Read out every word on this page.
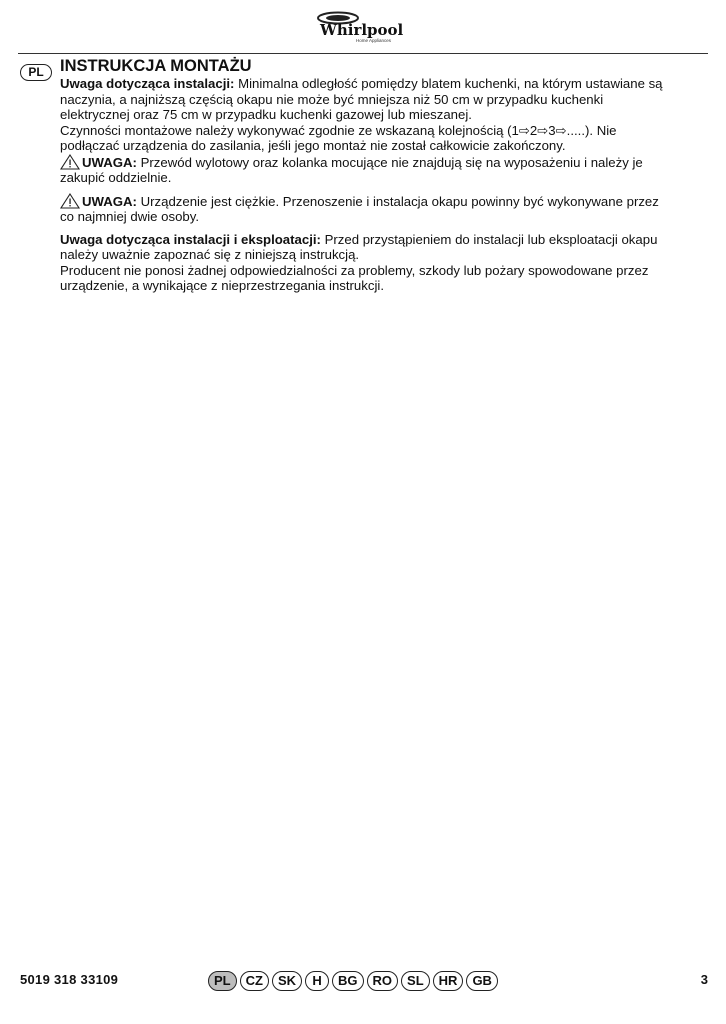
Whirlpool
Home Appliances
PL INSTRUKCJA MONTAŻU

Uwaga dotycząca instalacji: Minimalna odległość pomiędzy blatem kuchenki, na którym ustawiane są naczynia, a najniższą częścią okapu nie może być mniejsza niż 50 cm w przypadku kuchenki elektrycznej oraz 75 cm w przypadku kuchenki gazowej lub mieszanej.

Czynności montażowe należy wykonywać zgodnie ze wskazaną kolejnością (1⇨2⇨3⇨.....). Nie podłączać urządzenia do zasilania, jeśli jego montaż nie został całkowicie zakończony.

UWAGA: Przewód wylotowy oraz kolanka mocujące nie znajdują się na wyposażeniu i należy je zakupić oddzielnie.

UWAGA: Urządzenie jest ciężkie. Przenoszenie i instalacja okapu powinny być wykonywane przez co najmniej dwie osoby.

Uwaga dotycząca instalacji i eksploatacji: Przed przystąpieniem do instalacji lub eksploatacji okapu należy uważnie zapoznać się z niniejszą instrukcją.

Producent nie ponosi żadnej odpowiedzialności za problemy, szkody lub pożary spowodowane przez urządzenie, a wynikające z nieprzestrzegania instrukcji.

5019 318 33109	PL	CZ	SK	H	BG	RO	SL	HR	GB	3
